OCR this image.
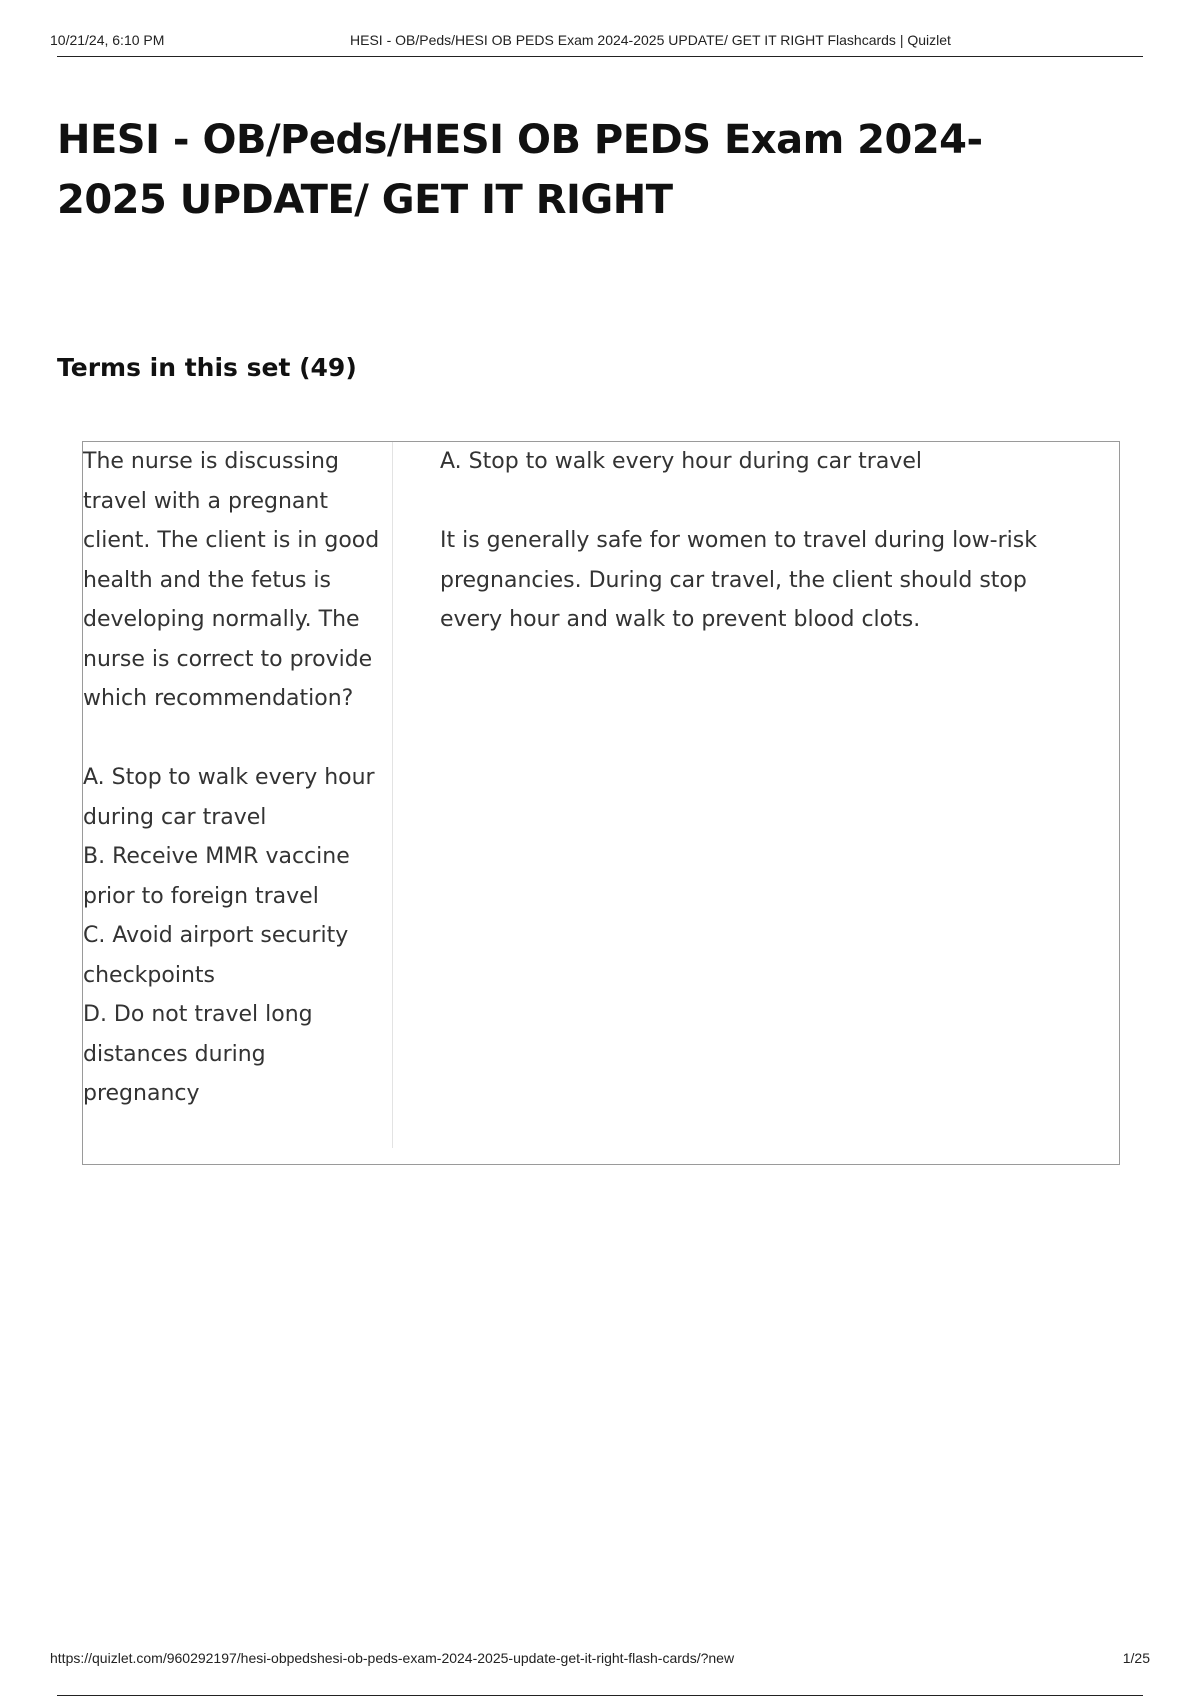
10/21/24, 6:10 PM	HESI - OB/Peds/HESI OB PEDS Exam 2024-2025 UPDATE/ GET IT RIGHT Flashcards | Quizlet
HESI - OB/Peds/HESI OB PEDS Exam 2024-2025 UPDATE/ GET IT RIGHT
Terms in this set (49)
The nurse is discussing travel with a pregnant client. The client is in good health and the fetus is developing normally. The nurse is correct to provide which recommendation?

A. Stop to walk every hour during car travel
B. Receive MMR vaccine prior to foreign travel
C. Avoid airport security checkpoints
D. Do not travel long distances during pregnancy

A. Stop to walk every hour during car travel

It is generally safe for women to travel during low-risk pregnancies. During car travel, the client should stop every hour and walk to prevent blood clots.

https://quizlet.com/960292197/hesi-obpedshesi-ob-peds-exam-2024-2025-update-get-it-right-flash-cards/?new	1/25
